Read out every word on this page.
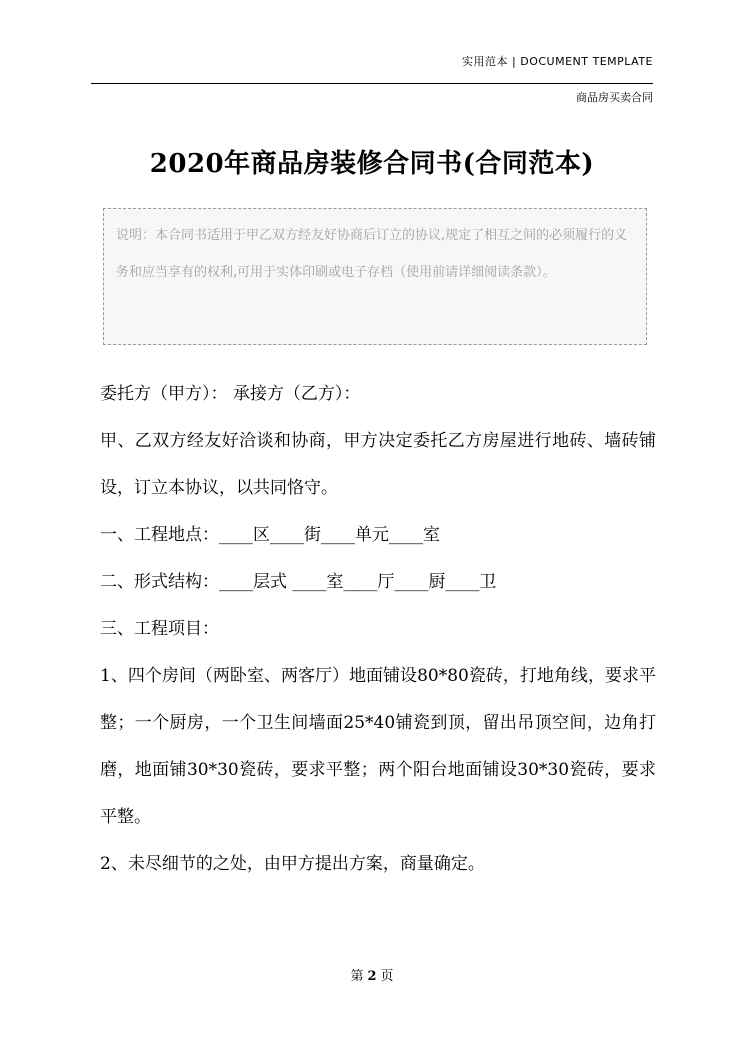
实用范本 | DOCUMENT TEMPLATE
商品房买卖合同
2020年商品房装修合同书(合同范本)
说明：本合同书适用于甲乙双方经友好协商后订立的协议,规定了相互之间的必须履行的义务和应当享有的权利,可用于实体印刷或电子存档（使用前请详细阅读条款）。

委托方（甲方）： 承接方（乙方）：

甲、乙双方经友好洽谈和协商，甲方决定委托乙方房屋进行地砖、墙砖铺设，订立本协议，以共同恪守。

一、工程地点：____区____街____单元____室

二、形式结构：____层式 ____室____厅____厨____卫

三、工程项目：

1、四个房间（两卧室、两客厅）地面铺设80*80瓷砖，打地角线，要求平整；一个厨房，一个卫生间墙面25*40铺瓷到顶，留出吊顶空间，边角打磨，地面铺30*30瓷砖，要求平整；两个阳台地面铺设30*30瓷砖，要求平整。

2、未尽细节的之处，由甲方提出方案，商量确定。

第 2 页
